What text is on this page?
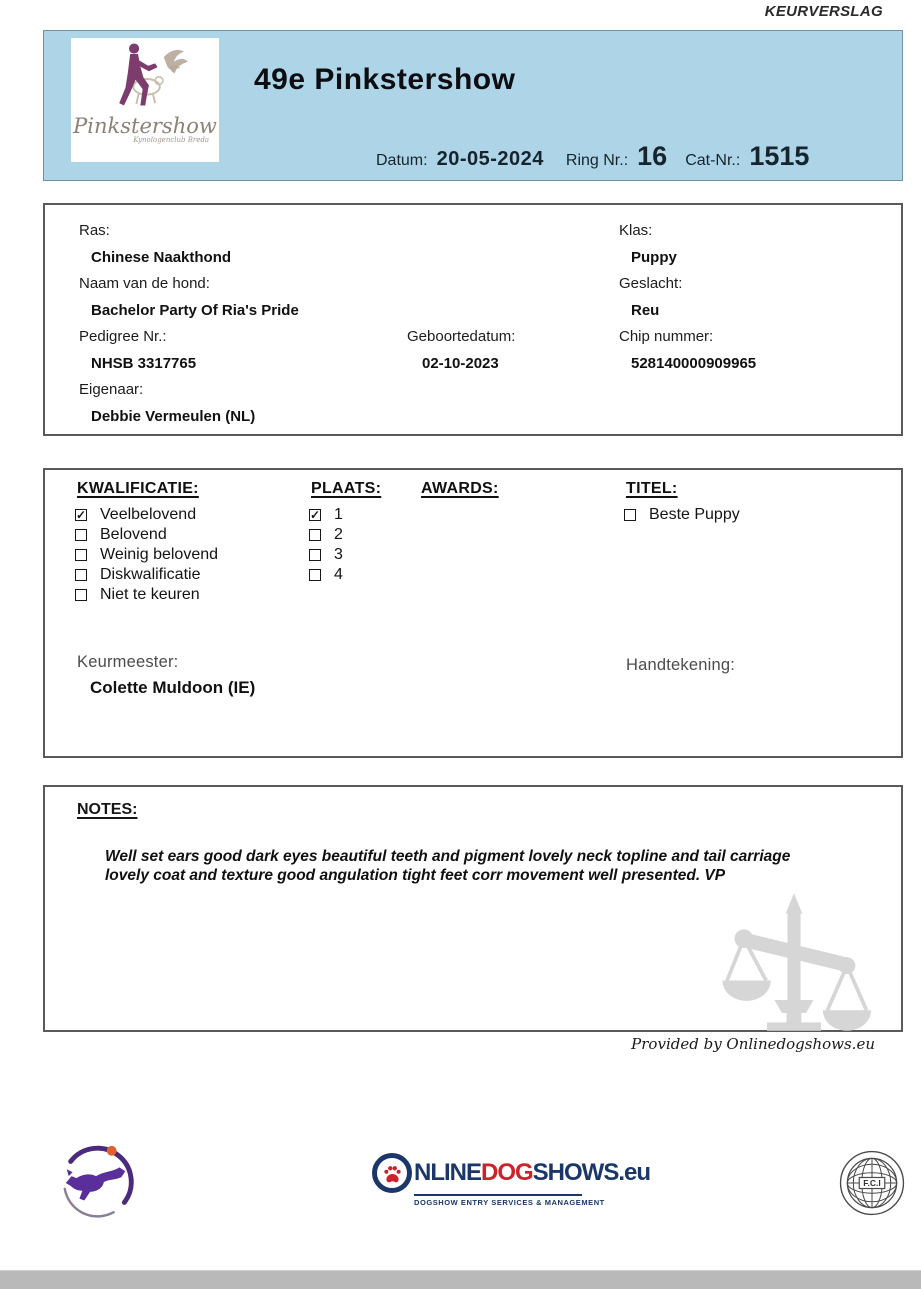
KEURVERSLAG
Pinkstershow
Kynologenclub Breda
49e Pinkstershow
Datum: 20-05-2024 Ring Nr.: 16 Cat-Nr.: 1515
Ras:
Chinese Naakthond
Naam van de hond:
Bachelor Party Of Ria's Pride
Pedigree Nr.:
NHSB 3317765
Eigenaar:
Debbie Vermeulen (NL)
Geboortedatum:
02-10-2023
Klas:
Puppy
Geslacht:
Reu
Chip nummer:
528140000909965
KWALIFICATIE:	PLAATS: AWARDS:	TITEL:
✓ Veelbelovend
Belovend
Weinig belovend
Diskwalificatie
Niet te keuren
✓ 1
2
3
4
Beste Puppy
Keurmeester:
Colette Muldoon (IE)
Handtekening:
NOTES:
Well set ears good dark eyes beautiful teeth and pigment lovely neck topline and tail carriage lovely coat and texture good angulation tight feet corr movement well presented. VP
Provided by Onlinedogshows.eu
NLINEDOGSHOWS.eu
DOGSHOW ENTRY SERVICES & MANAGEMENT
F.C.I
